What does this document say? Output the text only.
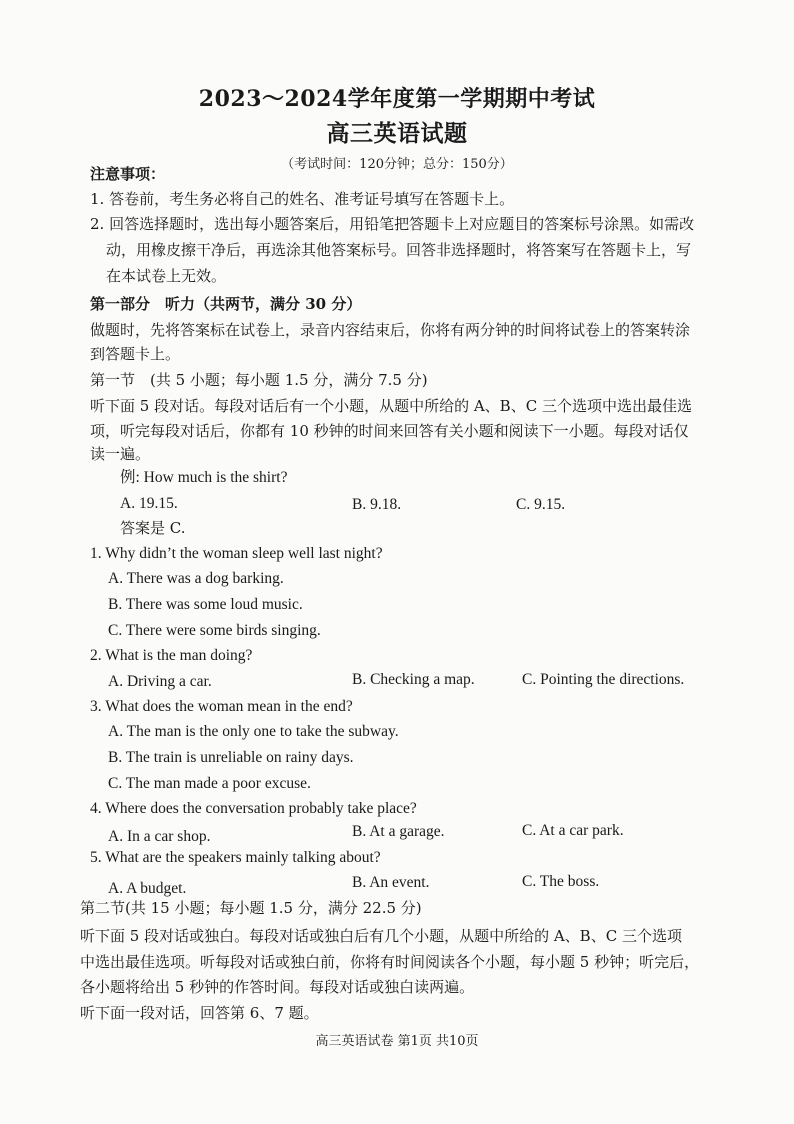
2023～2024学年度第一学期期中考试
高三英语试题
（考试时间：120分钟；总分：150分）
注意事项：
1. 答卷前，考生务必将自己的姓名、准考证号填写在答题卡上。
2. 回答选择题时，选出每小题答案后，用铅笔把答题卡上对应题目的答案标号涂黑。如需改
动，用橡皮擦干净后，再选涂其他答案标号。回答非选择题时，将答案写在答题卡上，写
在本试卷上无效。
第一部分　听力（共两节，满分 30 分）
做题时，先将答案标在试卷上，录音内容结束后，你将有两分钟的时间将试卷上的答案转涂
到答题卡上。
第一节　(共 5 小题；每小题 1.5 分，满分 7.5 分)
听下面 5 段对话。每段对话后有一个小题，从题中所给的 A、B、C 三个选项中选出最佳选
项，听完每段对话后，你都有 10 秒钟的时间来回答有关小题和阅读下一小题。每段对话仅
读一遍。
例: How much is the shirt?
A. 19.15.	B. 9.18.	C. 9.15.
答案是 C.
1. Why didn’t the woman sleep well last night?
A. There was a dog barking.
B. There was some loud music.
C. There were some birds singing.
2. What is the man doing?
A. Driving a car.	B. Checking a map.	C. Pointing the directions.
3. What does the woman mean in the end?
A. The man is the only one to take the subway.
B. The train is unreliable on rainy days.
C. The man made a poor excuse.
4. Where does the conversation probably take place?
A. In a car shop.	B. At a garage.	C. At a car park.
5. What are the speakers mainly talking about?
A. A budget.	B. An event.	C. The boss.
第二节(共 15 小题；每小题 1.5 分，满分 22.5 分)
听下面 5 段对话或独白。每段对话或独白后有几个小题，从题中所给的 A、B、C 三个选项
中选出最佳选项。听每段对话或独白前，你将有时间阅读各个小题，每小题 5 秒钟；听完后，
各小题将给出 5 秒钟的作答时间。每段对话或独白读两遍。
听下面一段对话，回答第 6、7 题。
高三英语试卷 第1页 共10页
